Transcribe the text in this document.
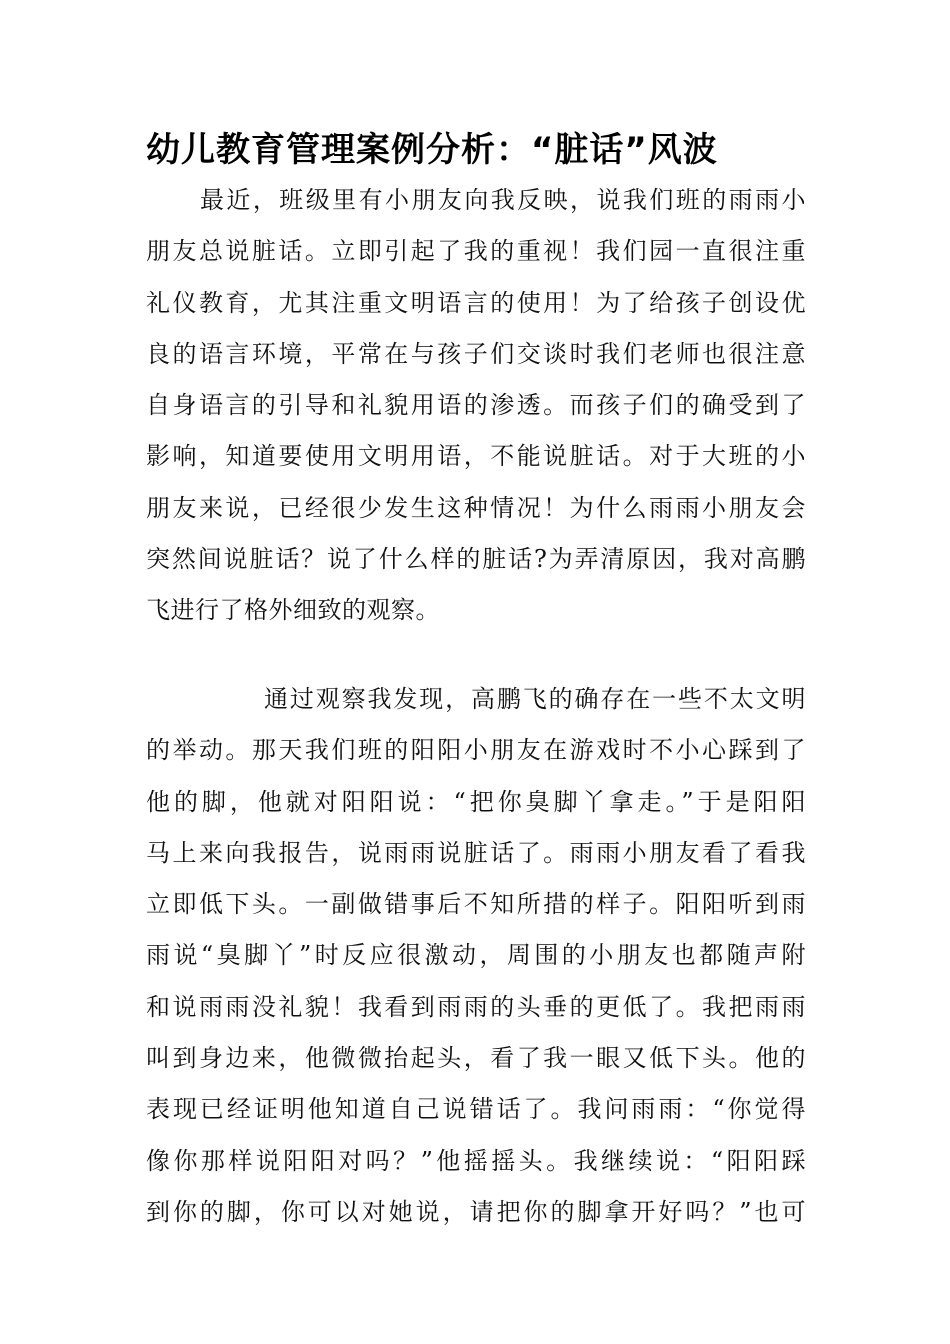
幼儿教育管理案例分析：“脏话”风波
最近，班级里有小朋友向我反映，说我们班的雨雨小
朋友总说脏话。立即引起了我的重视！我们园一直很注重
礼仪教育，尤其注重文明语言的使用！为了给孩子创设优
良的语言环境，平常在与孩子们交谈时我们老师也很注意
自身语言的引导和礼貌用语的渗透。而孩子们的确受到了
影响，知道要使用文明用语，不能说脏话。对于大班的小
朋友来说，已经很少发生这种情况！为什么雨雨小朋友会
突然间说脏话？说了什么样的脏话?为弄清原因，我对高鹏
飞进行了格外细致的观察。
通过观察我发现，高鹏飞的确存在一些不太文明
的举动。那天我们班的阳阳小朋友在游戏时不小心踩到了
他的脚，他就对阳阳说：“把你臭脚丫拿走。”于是阳阳
马上来向我报告，说雨雨说脏话了。雨雨小朋友看了看我
立即低下头。一副做错事后不知所措的样子。阳阳听到雨
雨说“臭脚丫”时反应很激动，周围的小朋友也都随声附
和说雨雨没礼貌！我看到雨雨的头垂的更低了。我把雨雨
叫到身边来，他微微抬起头，看了我一眼又低下头。他的
表现已经证明他知道自己说错话了。我问雨雨：“你觉得
像你那样说阳阳对吗？”他摇摇头。我继续说：“阳阳踩
到你的脚，你可以对她说，请把你的脚拿开好吗？”也可
